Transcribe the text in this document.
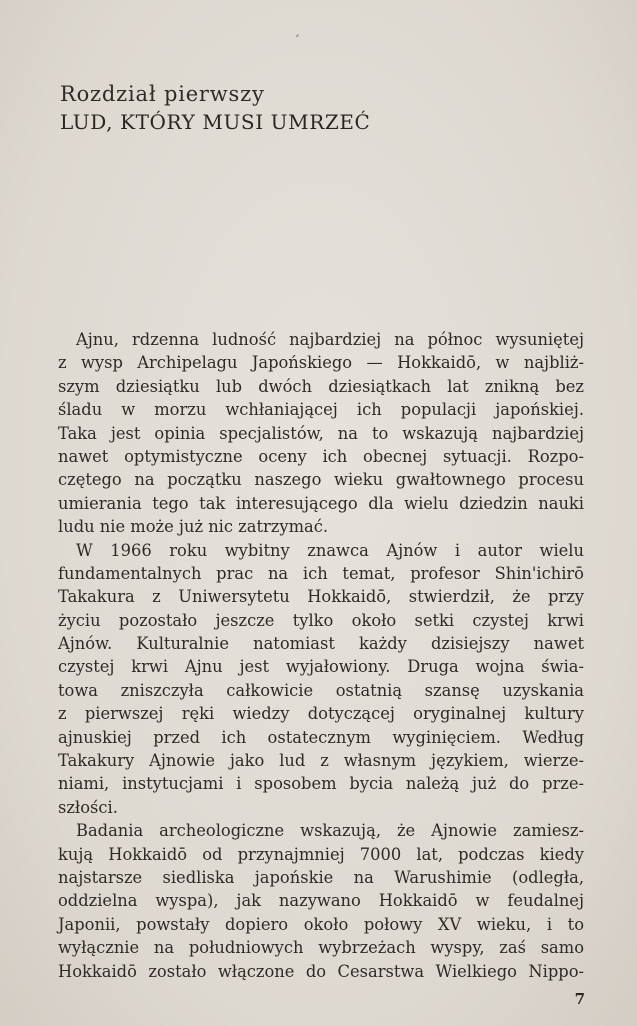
⸗
Rozdział pierwszy
LUD, KTÓRY MUSI UMRZEĆ
Ajnu, rdzenna ludność najbardziej na północ wysuniętej
z wysp Archipelagu Japońskiego — Hokkaidō, w najbliż-
szym dziesiątku lub dwóch dziesiątkach lat znikną bez
śladu w morzu wchłaniającej ich populacji japońskiej.
Taka jest opinia specjalistów, na to wskazują najbardziej
nawet optymistyczne oceny ich obecnej sytuacji. Rozpo-
czętego na początku naszego wieku gwałtownego procesu
umierania tego tak interesującego dla wielu dziedzin nauki
ludu nie może już nic zatrzymać.
W 1966 roku wybitny znawca Ajnów i autor wielu
fundamentalnych prac na ich temat, profesor Shin'ichirō
Takakura z Uniwersytetu Hokkaidō, stwierdził, że przy
życiu pozostało jeszcze tylko około setki czystej krwi
Ajnów. Kulturalnie natomiast każdy dzisiejszy nawet
czystej krwi Ajnu jest wyjałowiony. Druga wojna świa-
towa zniszczyła całkowicie ostatnią szansę uzyskania
z pierwszej ręki wiedzy dotyczącej oryginalnej kultury
ajnuskiej przed ich ostatecznym wyginięciem. Według
Takakury Ajnowie jako lud z własnym językiem, wierze-
niami, instytucjami i sposobem bycia należą już do prze-
szłości.
Badania archeologiczne wskazują, że Ajnowie zamiesz-
kują Hokkaidō od przynajmniej 7000 lat, podczas kiedy
najstarsze siedliska japońskie na Warushimie (odległa,
oddzielna wyspa), jak nazywano Hokkaidō w feudalnej
Japonii, powstały dopiero około połowy XV wieku, i to
wyłącznie na południowych wybrzeżach wyspy, zaś samo
Hokkaidō zostało włączone do Cesarstwa Wielkiego Nippo-
7
